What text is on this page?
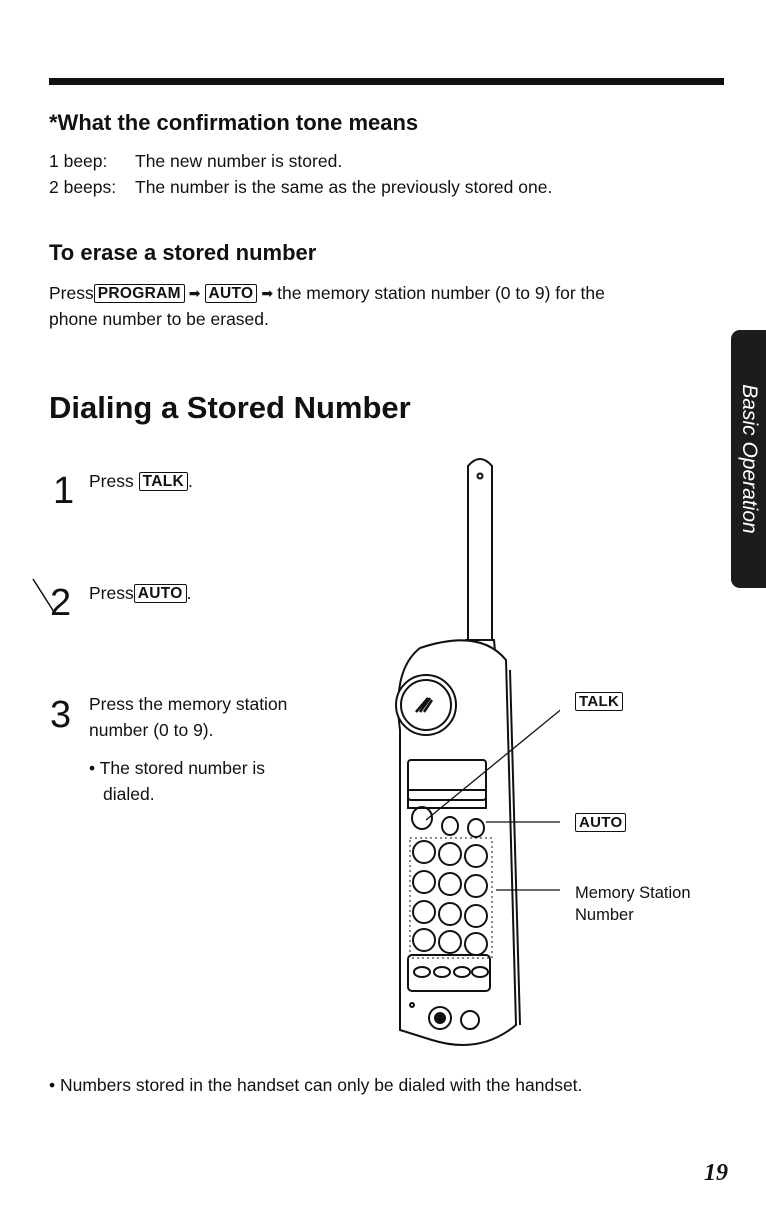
*What the confirmation tone means
1 beep: The new number is stored.
2 beeps: The number is the same as the previously stored one.
To erase a stored number
Press PROGRAM ➡ AUTO ➡ the memory station number (0 to 9) for the
phone number to be erased.
Dialing a Stored Number
1 Press TALK .
2 Press AUTO .
3 Press the memory station
number (0 to 9).
• The stored number is
dialed.
TALK
AUTO
Memory Station
Number
• Numbers stored in the handset can only be dialed with the handset.
Basic Operation
19
